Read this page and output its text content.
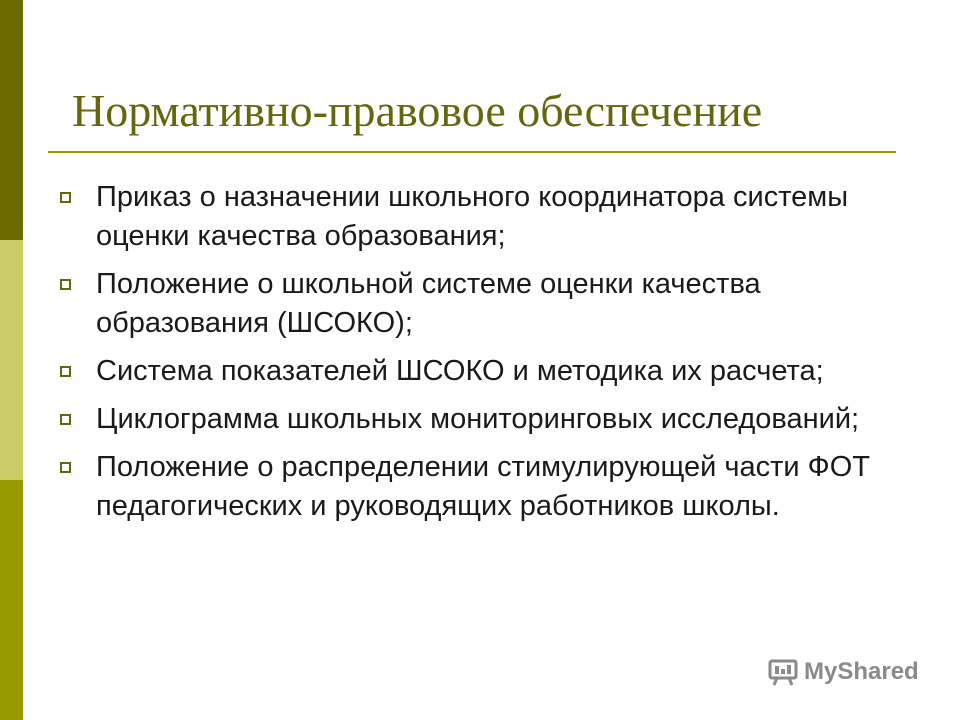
Нормативно-правовое обеспечение
Приказ о назначении школьного координатора системы оценки качества образования;
Положение о школьной системе оценки качества образования (ШСОКО);
Система показателей ШСОКО и методика их расчета;
Циклограмма школьных мониторинговых исследований;
Положение о распределении стимулирующей части ФОТ педагогических и руководящих работников школы.
MyShared
